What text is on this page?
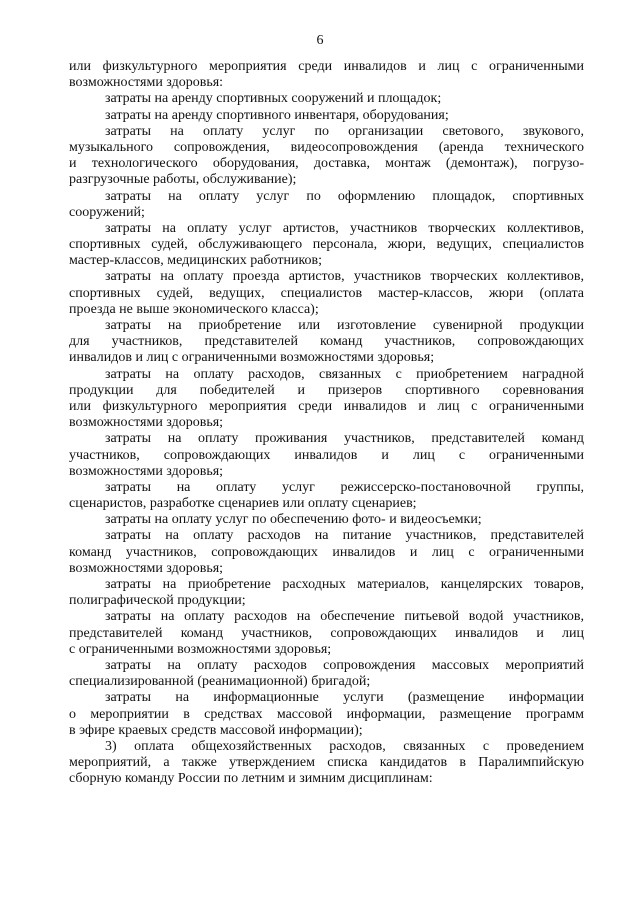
6
или физкультурного мероприятия среди инвалидов и лиц с ограниченными
возможностями здоровья:
затраты на аренду спортивных сооружений и площадок;
затраты на аренду спортивного инвентаря, оборудования;
затраты на оплату услуг по организации светового, звукового,
музыкального сопровождения, видеосопровождения (аренда технического
и технологического оборудования, доставка, монтаж (демонтаж), погрузо-
разгрузочные работы, обслуживание);
затраты на оплату услуг по оформлению площадок, спортивных
сооружений;
затраты на оплату услуг артистов, участников творческих коллективов,
спортивных судей, обслуживающего персонала, жюри, ведущих, специалистов
мастер-классов, медицинских работников;
затраты на оплату проезда артистов, участников творческих коллективов,
спортивных судей, ведущих, специалистов мастер-классов, жюри (оплата
проезда не выше экономического класса);
затраты на приобретение или изготовление сувенирной продукции
для участников, представителей команд участников, сопровождающих
инвалидов и лиц с ограниченными возможностями здоровья;
затраты на оплату расходов, связанных с приобретением наградной
продукции для победителей и призеров спортивного соревнования
или физкультурного мероприятия среди инвалидов и лиц с ограниченными
возможностями здоровья;
затраты на оплату проживания участников, представителей команд
участников, сопровождающих инвалидов и лиц с ограниченными
возможностями здоровья;
затраты на оплату услуг режиссерско-постановочной группы,
сценаристов, разработке сценариев или оплату сценариев;
затраты на оплату услуг по обеспечению фото- и видеосъемки;
затраты на оплату расходов на питание участников, представителей
команд участников, сопровождающих инвалидов и лиц с ограниченными
возможностями здоровья;
затраты на приобретение расходных материалов, канцелярских товаров,
полиграфической продукции;
затраты на оплату расходов на обеспечение питьевой водой участников,
представителей команд участников, сопровождающих инвалидов и лиц
с ограниченными возможностями здоровья;
затраты на оплату расходов сопровождения массовых мероприятий
специализированной (реанимационной) бригадой;
затраты на информационные услуги (размещение информации
о мероприятии в средствах массовой информации, размещение программ
в эфире краевых средств массовой информации);
3) оплата общехозяйственных расходов, связанных с проведением
мероприятий, а также утверждением списка кандидатов в Паралимпийскую
сборную команду России по летним и зимним дисциплинам:
